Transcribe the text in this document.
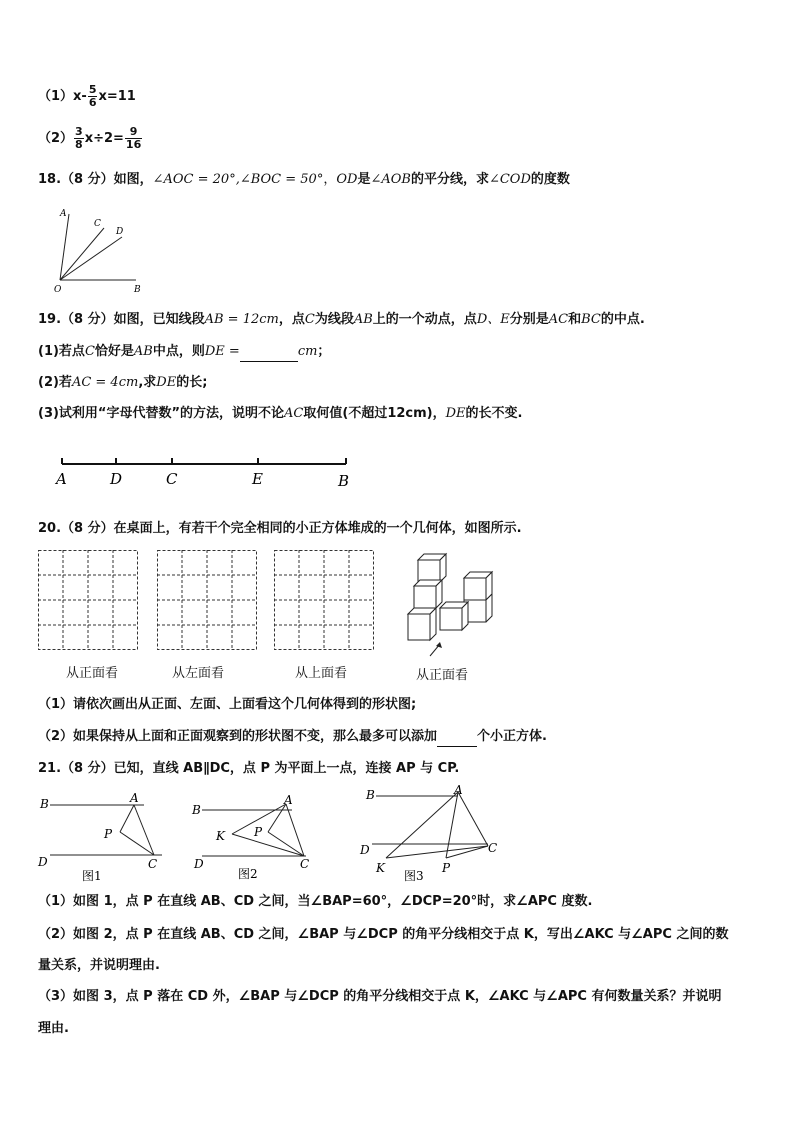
$(1)x- \frac{5}{6} x=11$
$(2) \frac{3}{8} x\div 2= \frac{9}{16}$
18.（8 分）如图，∠AOC = 20°,∠BOC = 50°，OD是∠AOB的平分线，求∠COD的度数
A
C
D
O	B
19.（8 分）如图，已知线段AB = 12cm，点C为线段AB上的一个动点，点D、E分别是AC和BC的中点.
(1)若点C恰好是AB中点，则DE =	cm；
(2)若AC = 4cm,求DE的长;
(3)试利用“字母代替数”的方法，说明不论AC取何值(不超过12cm)，DE的长不变.
A	D	C	E	B
20.（8 分）在桌面上，有若干个完全相同的小正方体堆成的一个几何体，如图所示.
从正面看	从左面看	从上面看	从正面看
（1）请依次画出从正面、左面、上面看这个几何体得到的形状图;
（2）如果保持从上面和正面观察到的形状图不变，那么最多可以添加	个小正方体.
21.（8 分）已知，直线 AB∥DC，点 P 为平面上一点，连接 AP 与 CP.
B	A
P
D	C
图1
B
A
P
K
D	C
图2
B	A
D	C
K	P
图3
（1）如图 1，点 P 在直线 AB、CD 之间，当∠BAP=60°，∠DCP=20°时，求∠APC 度数.
（2）如图 2，点 P 在直线 AB、CD 之间，∠BAP 与∠DCP 的角平分线相交于点 K，写出∠AKC 与∠APC 之间的数
量关系，并说明理由.
（3）如图 3，点 P 落在 CD 外，∠BAP 与∠DCP 的角平分线相交于点 K，∠AKC 与∠APC 有何数量关系？并说明
理由.
